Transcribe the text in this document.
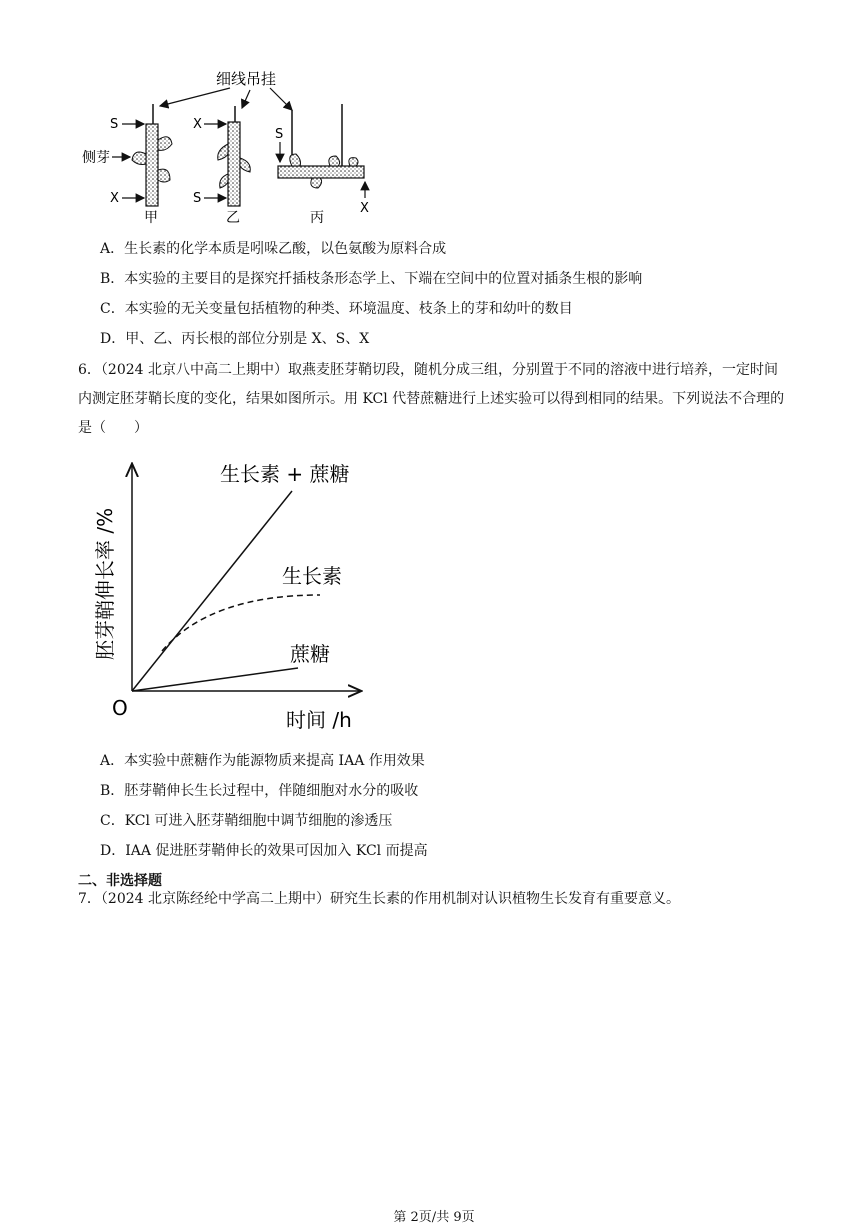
细线吊挂
S
侧芽
X
甲
X
S
乙
S
X
丙
A．生长素的化学本质是吲哚乙酸，以色氨酸为原料合成
B．本实验的主要目的是探究扦插枝条形态学上、下端在空间中的位置对插条生根的影响
C．本实验的无关变量包括植物的种类、环境温度、枝条上的芽和幼叶的数目
D．甲、乙、丙长根的部位分别是 X、S、X
6．（2024 北京八中高二上期中）取燕麦胚芽鞘切段，随机分成三组，分别置于不同的溶液中进行培养，一定时间内测定胚芽鞘长度的变化，结果如图所示。用 KCl 代替蔗糖进行上述实验可以得到相同的结果。下列说法不合理的是（　　）
生长素 + 蔗糖
生长素
蔗糖
O	时间 /h
胚芽鞘伸长率 /%
A．本实验中蔗糖作为能源物质来提高 IAA 作用效果
B．胚芽鞘伸长生长过程中，伴随细胞对水分的吸收
C．KCl 可进入胚芽鞘细胞中调节细胞的渗透压
D．IAA 促进胚芽鞘伸长的效果可因加入 KCl 而提高
二、非选择题
7．（2024 北京陈经纶中学高二上期中）研究生长素的作用机制对认识植物生长发育有重要意义。
第 2页/共 9页
